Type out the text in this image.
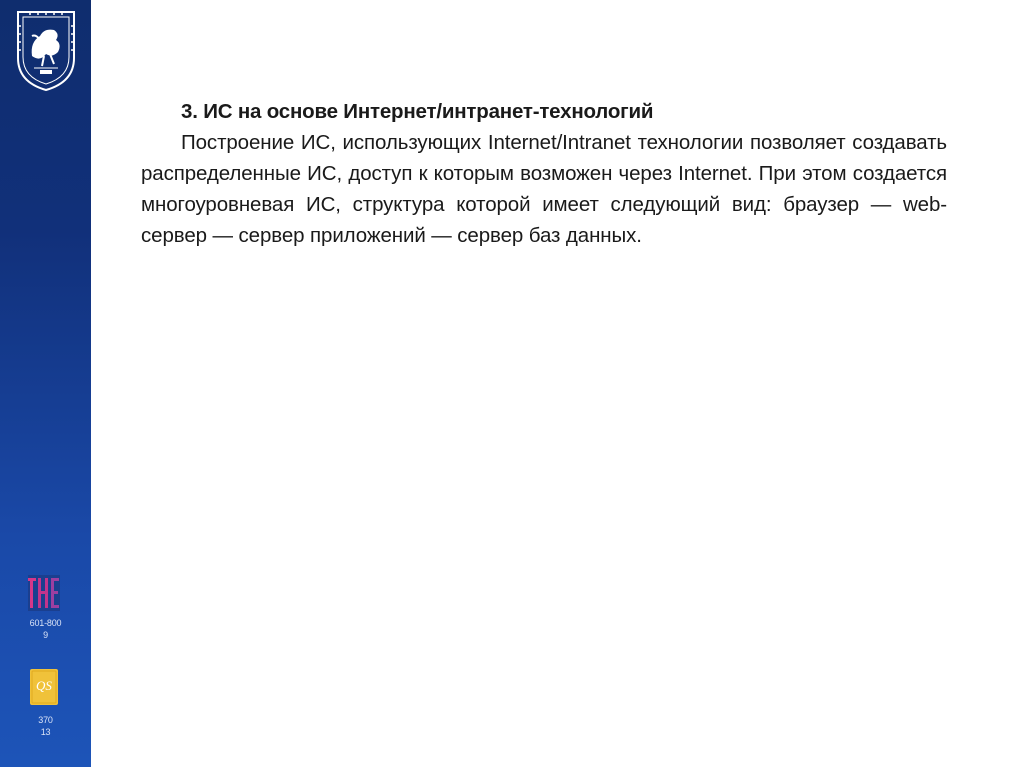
601-800
9
QS
370
13

3. ИС на основе Интернет/интранет-технологий

Построение ИС, использующих Internet/Intranet технологии позволяет создавать распределенные ИС, доступ к которым возможен через Internet. При этом создается многоуровневая ИС, структура которой имеет следующий вид: браузер — web-сервер — сервер приложений — сервер баз данных.
